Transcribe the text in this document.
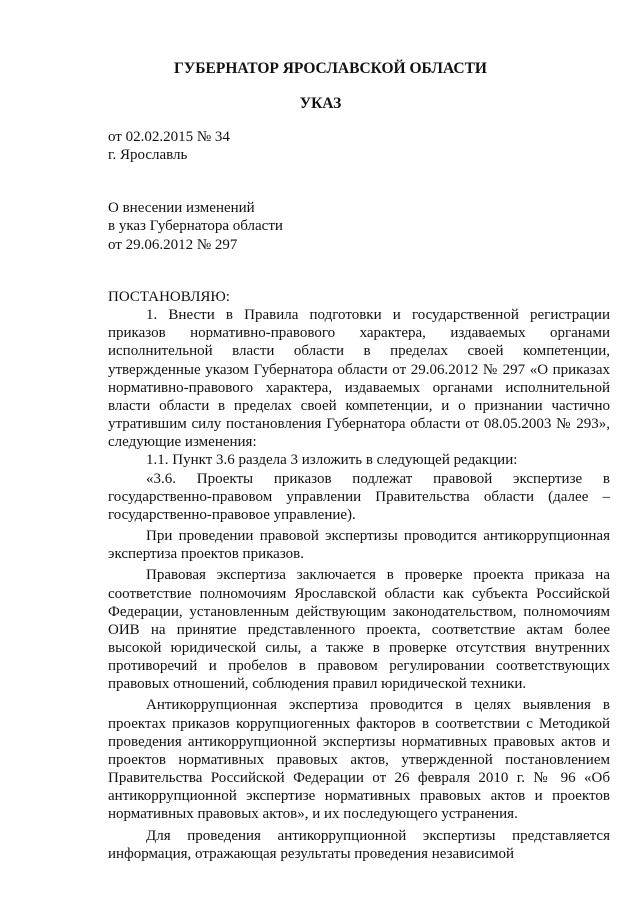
ГУБЕРНАТОР ЯРОСЛАВСКОЙ ОБЛАСТИ
УКАЗ

от 02.02.2015 № 34

г. Ярославль

О внесении изменений
в указ Губернатора области
от 29.06.2012 № 297

ПОСТАНОВЛЯЮ:

1. Внести в Правила подготовки и государственной регистрации приказов нормативно-правового характера, издаваемых органами исполнительной власти области в пределах своей компетенции, утвержденные указом Губернатора области от 29.06.2012 № 297 «О приказах нормативно-правового характера, издаваемых органами исполнительной власти области в пределах своей компетенции, и о признании частично утратившим силу постановления Губернатора области от 08.05.2003 № 293», следующие изменения:

1.1. Пункт 3.6 раздела 3 изложить в следующей редакции:

«3.6. Проекты приказов подлежат правовой экспертизе в государственно-правовом управлении Правительства области (далее – государственно-правовое управление).

При проведении правовой экспертизы проводится антикоррупционная экспертиза проектов приказов.

Правовая экспертиза заключается в проверке проекта приказа на соответствие полномочиям Ярославской области как субъекта Российской Федерации, установленным действующим законодательством, полномочиям ОИВ на принятие представленного проекта, соответствие актам более высокой юридической силы, а также в проверке отсутствия внутренних противоречий и пробелов в правовом регулировании соответствующих правовых отношений, соблюдения правил юридической техники.

Антикоррупционная экспертиза проводится в целях выявления в проектах приказов коррупциогенных факторов в соответствии с Методикой проведения антикоррупционной экспертизы нормативных правовых актов и проектов нормативных правовых актов, утвержденной постановлением Правительства Российской Федерации от 26 февраля 2010 г. № 96 «Об антикоррупционной экспертизе нормативных правовых актов и проектов нормативных правовых актов», и их последующего устранения.

Для проведения антикоррупционной экспертизы представляется информация, отражающая результаты проведения независимой
